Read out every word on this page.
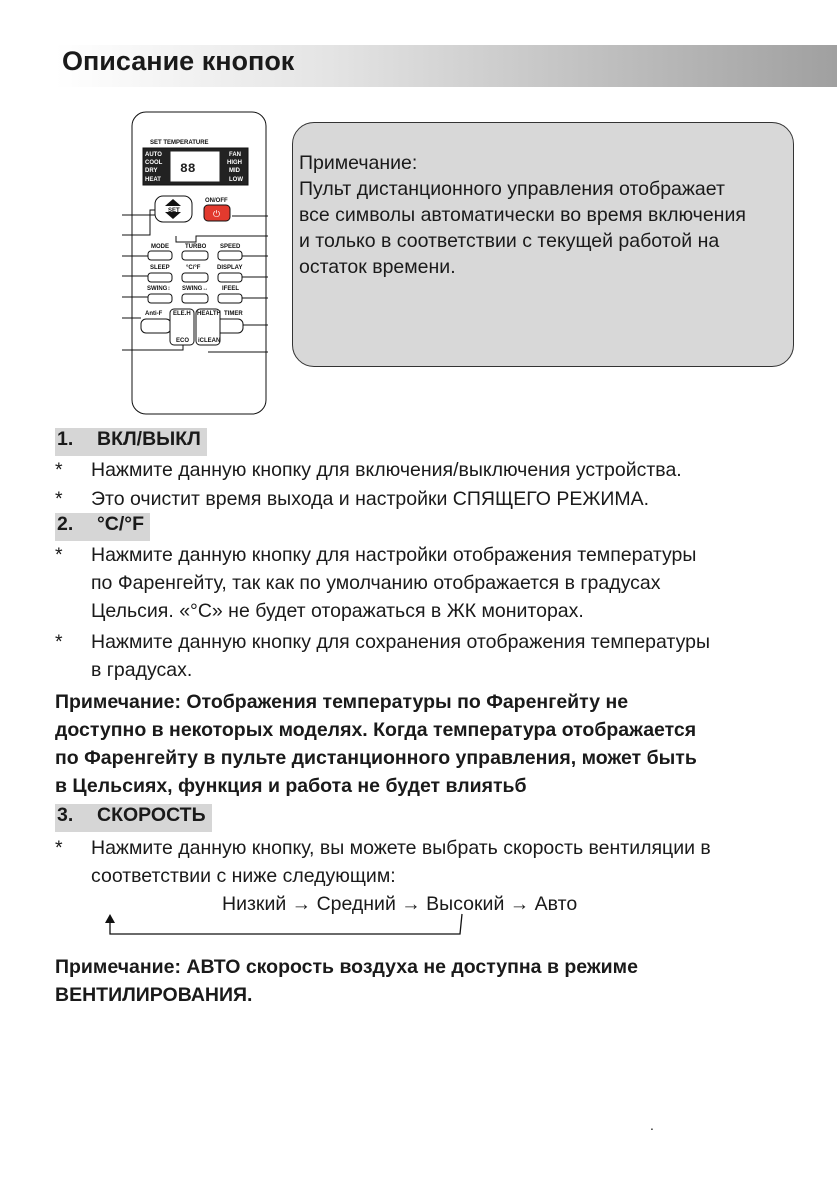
Описание кнопок
SET TEMPERATURE
AUTO
COOL
DRY
HEAT
FAN
HIGH
MID
LOW
88
SET
ON/OFF
⏻
MODE	TURBO SPEED
SLEEP	°C/°F	DISPLAY
SWING↕ SWING↔ IFEEL
Anti-F	TIMER
ELE.H HEALTH
ECO iCLEAN
Примечание:
Пульт дистанционного управления отображает
все символы автоматически во время включения
и только в соответствии с текущей работой на
остаток времени.
1. ВКЛ/ВЫКЛ
* Нажмите данную кнопку для включения/выключения устройства.
* Это очистит время выхода и настройки СПЯЩЕГО РЕЖИМА.
2. °C/°F
* Нажмите данную кнопку для настройки отображения температуры
по Фаренгейту, так как по умолчанию отображается в градусах
Цельсия. «°C» не будет оторажаться в ЖК мониторах.
* Нажмите данную кнопку для сохранения отображения температуры
в градусах.
Примечание: Отображения температуры по Фаренгейту не
доступно в некоторых моделях. Когда температура отображается
по Фаренгейту в пульте дистанционного управления, может быть
в Цельсиях, функция и работа не будет влиятьб
3. СКОРОСТЬ
* Нажмите данную кнопку, вы можете выбрать скорость вентиляции в
соответствии с ниже следующим:
Низкий → Средний → Высокий → Авто
Примечание: АВТО скорость воздуха не доступна в режиме
ВЕНТИЛИРОВАНИЯ.
.
